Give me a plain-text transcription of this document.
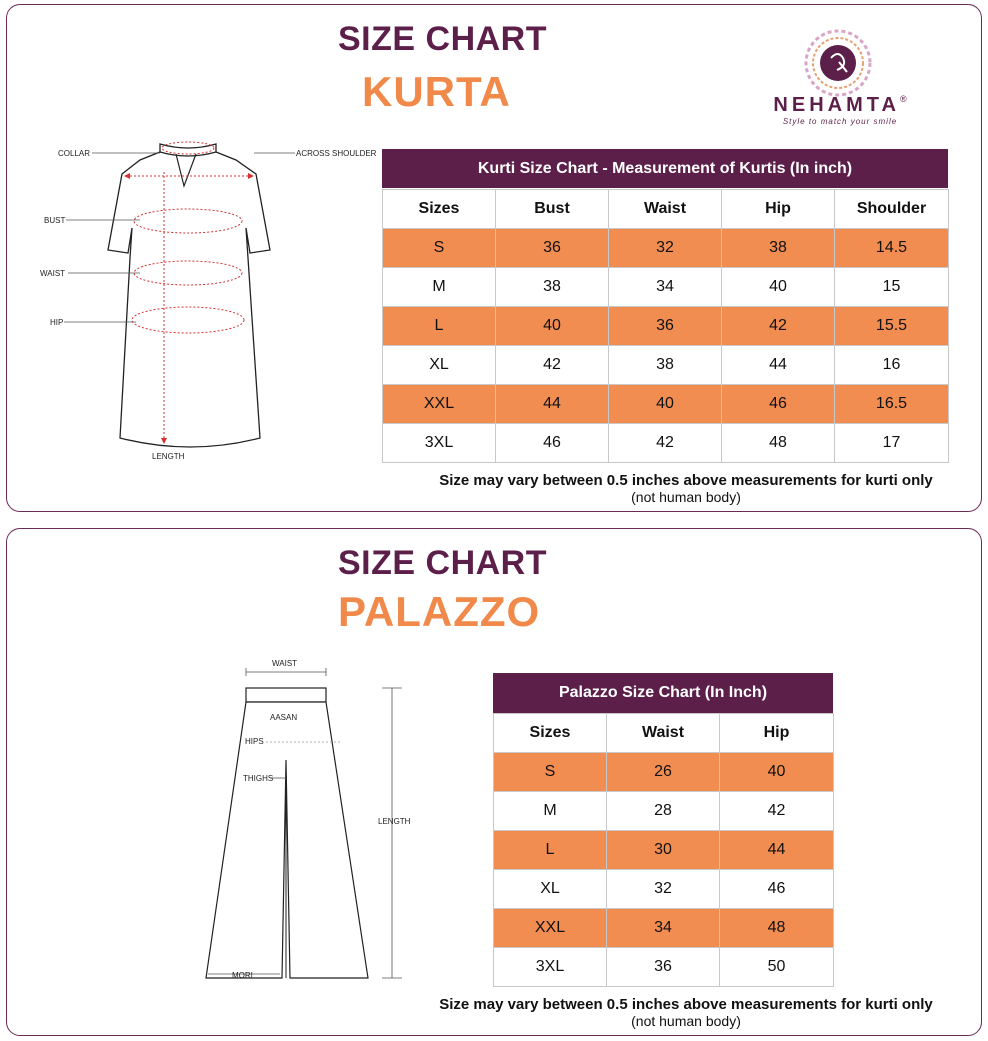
SIZE CHART
KURTA	NEHAMTA®
Style to match your smile
COLLAR	ACROSS SHOULDER
BUST
WAIST
HIP
LENGTH
Kurti Size Chart - Measurement of Kurtis (In inch)
Sizes	Bust	Waist	Hip	Shoulder
S	36	32	38	14.5
M	38	34	40	15
L	40	36	42	15.5
XL	42	38	44	16
XXL	44	40	46	16.5
3XL	46	42	48	17
Size may vary between 0.5 inches above measurements for kurti only
(not human body)
SIZE CHART
PALAZZO
WAIST
AASAN
HIPS
THIGHS
LENGTH
MORI
Palazzo Size Chart (In Inch)
Sizes	Waist	Hip
S	26	40
M	28	42
L	30	44
XL	32	46
XXL	34	48
3XL	36	50
Size may vary between 0.5 inches above measurements for kurti only
(not human body)
